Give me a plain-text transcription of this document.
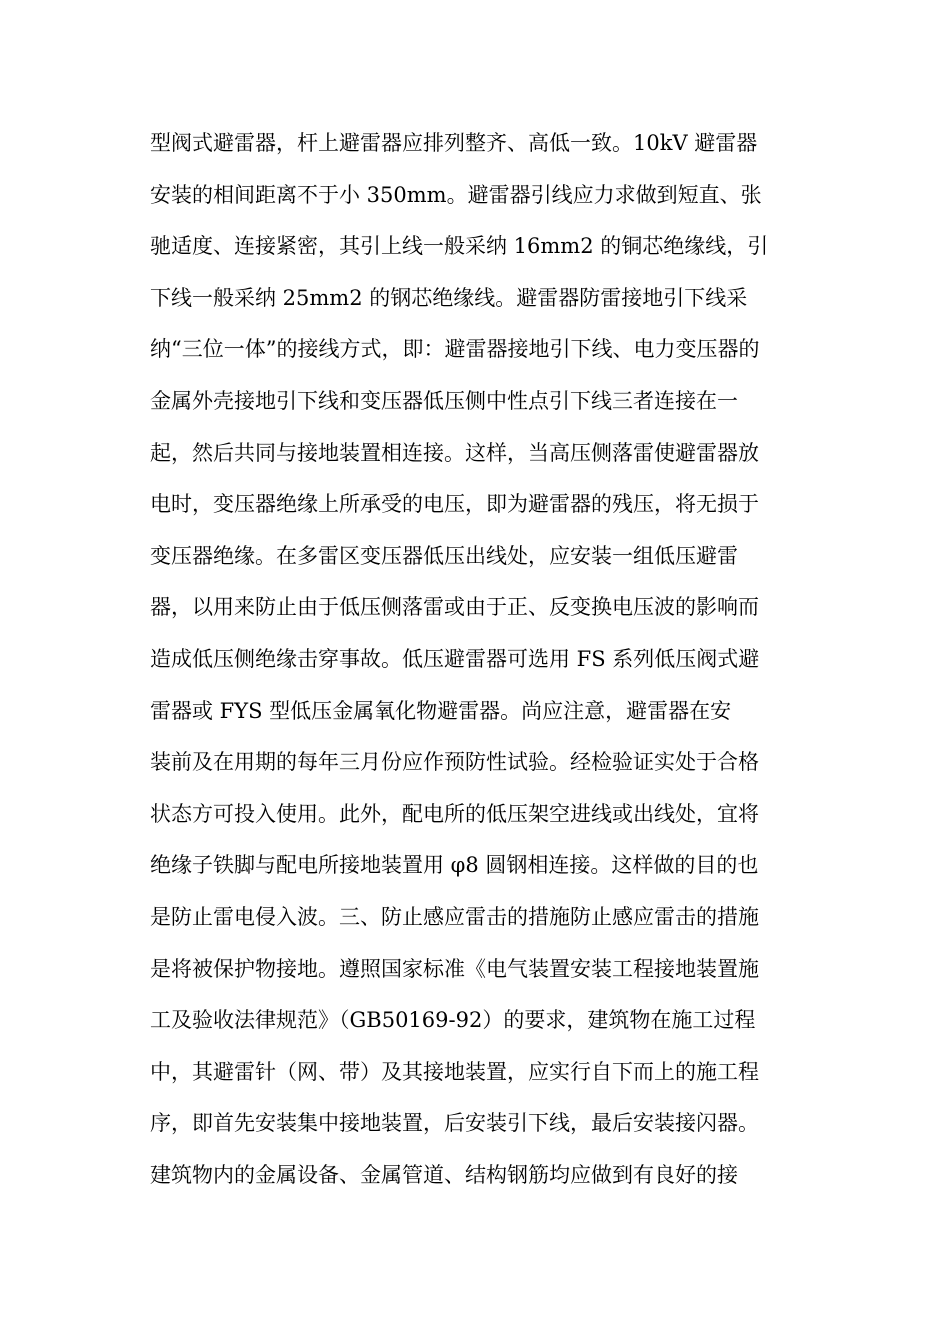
型阀式避雷器，杆上避雷器应排列整齐、高低一致。10kV 避雷器
安装的相间距离不于小 350mm。避雷器引线应力求做到短直、张
驰适度、连接紧密，其引上线一般采纳 16mm2 的铜芯绝缘线，引
下线一般采纳 25mm2 的钢芯绝缘线。避雷器防雷接地引下线采
纳“三位一体”的接线方式，即：避雷器接地引下线、电力变压器的
金属外壳接地引下线和变压器低压侧中性点引下线三者连接在一
起，然后共同与接地装置相连接。这样，当高压侧落雷使避雷器放
电时，变压器绝缘上所承受的电压，即为避雷器的残压，将无损于
变压器绝缘。在多雷区变压器低压出线处，应安装一组低压避雷
器，以用来防止由于低压侧落雷或由于正、反变换电压波的影响而
造成低压侧绝缘击穿事故。低压避雷器可选用 FS 系列低压阀式避
雷器或 FYS 型低压金属氧化物避雷器。尚应注意，避雷器在安
装前及在用期的每年三月份应作预防性试验。经检验证实处于合格
状态方可投入使用。此外，配电所的低压架空进线或出线处，宜将
绝缘子铁脚与配电所接地装置用 φ8 圆钢相连接。这样做的目的也
是防止雷电侵入波。三、防止感应雷击的措施防止感应雷击的措施
是将被保护物接地。遵照国家标准《电气装置安装工程接地装置施
工及验收法律规范》（GB50169-92）的要求，建筑物在施工过程
中，其避雷针（网、带）及其接地装置，应实行自下而上的施工程
序，即首先安装集中接地装置，后安装引下线，最后安装接闪器。
建筑物内的金属设备、金属管道、结构钢筋均应做到有良好的接
